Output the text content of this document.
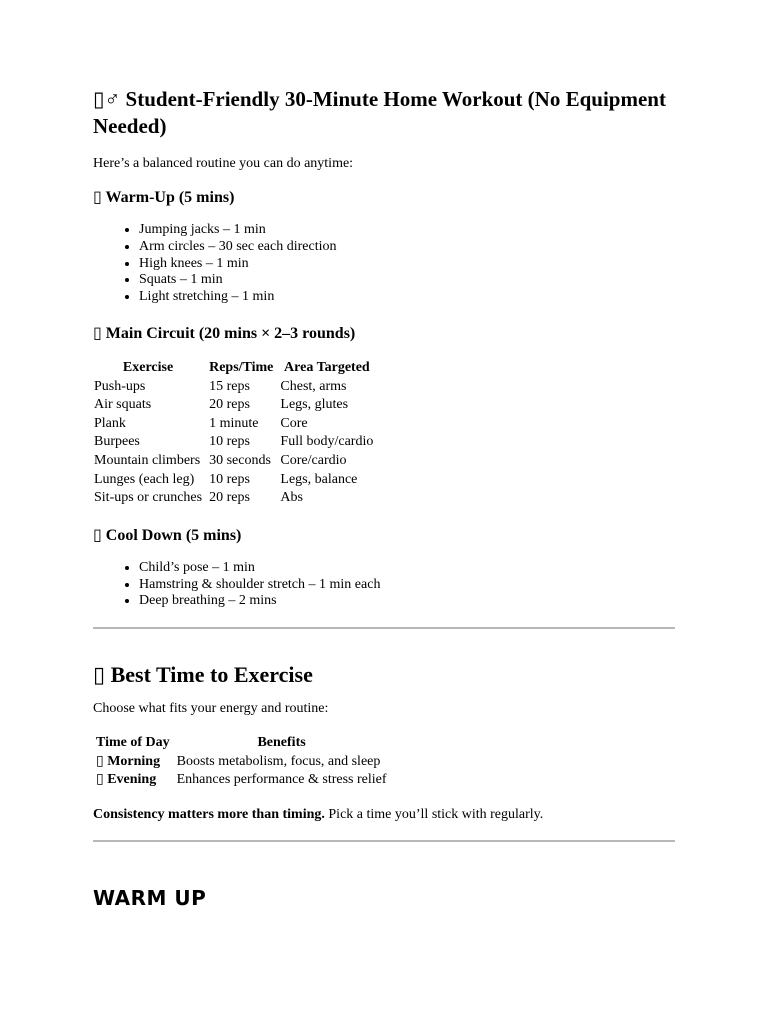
▯♂ Student-Friendly 30-Minute Home Workout (No Equipment Needed)

Here’s a balanced routine you can do anytime:

▯ Warm-Up (5 mins)
• Jumping jacks – 1 min
• Arm circles – 30 sec each direction
• High knees – 1 min
• Squats – 1 min
• Light stretching – 1 min
▯ Main Circuit (20 mins × 2–3 rounds)
Exercise	Reps/Time	Area Targeted
Push-ups	15 reps	Chest, arms
Air squats	20 reps	Legs, glutes
Plank	1 minute	Core
Burpees	10 reps	Full body/cardio
Mountain climbers	30 seconds	Core/cardio
Lunges (each leg)	10 reps	Legs, balance
Sit-ups or crunches	20 reps	Abs
▯ Cool Down (5 mins)
• Child’s pose – 1 min
• Hamstring & shoulder stretch – 1 min each
• Deep breathing – 2 mins
▯ Best Time to Exercise

Choose what fits your energy and routine:

Time of Day	Benefits
▯ Morning	Boosts metabolism, focus, and sleep
▯ Evening	Enhances performance & stress relief

Consistency matters more than timing. Pick a time you’ll stick with regularly.

WARM UP
